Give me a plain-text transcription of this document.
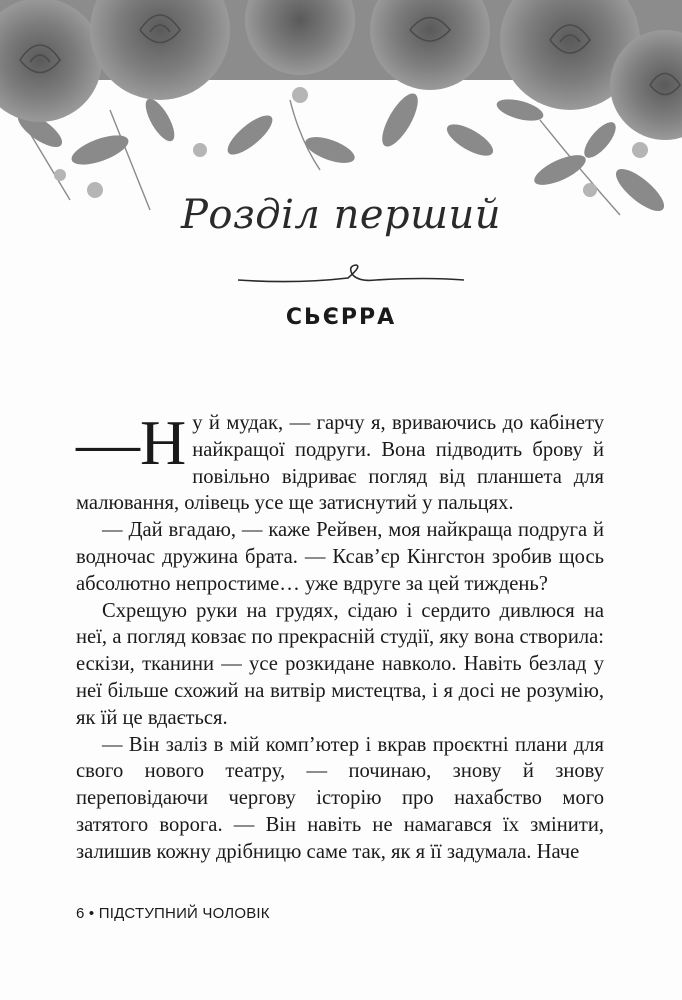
Розділ перший
СЬЄРРА

—Н у й мудак, — гарчу я, вриваючись до кабінету найкращої подруги. Вона підводить брову й повільно відриває погляд від планшета для малювання, олівець усе ще затиснутий у пальцях.

— Дай вгадаю, — каже Рейвен, моя найкраща подруга й водночас дружина брата. — Ксав’єр Кінгстон зробив щось абсолютно непростиме… уже вдруге за цей тиждень?

Схрещую руки на грудях, сідаю і сердито дивлюся на неї, а погляд ковзає по прекрасній студії, яку вона створила: ескізи, тканини — усе розкидане навколо. Навіть безлад у неї більше схожий на витвір мистецтва, і я досі не розумію, як їй це вдається.

— Він заліз в мій комп’ютер і вкрав проєктні плани для свого нового театру, — починаю, знову й знову переповідаючи чергову історію про нахабство мого затятого ворога. — Він навіть не намагався їх змінити, залишив кожну дрібницю саме так, як я її задумала. Наче

6 • ПІДСТУПНИЙ ЧОЛОВІК
